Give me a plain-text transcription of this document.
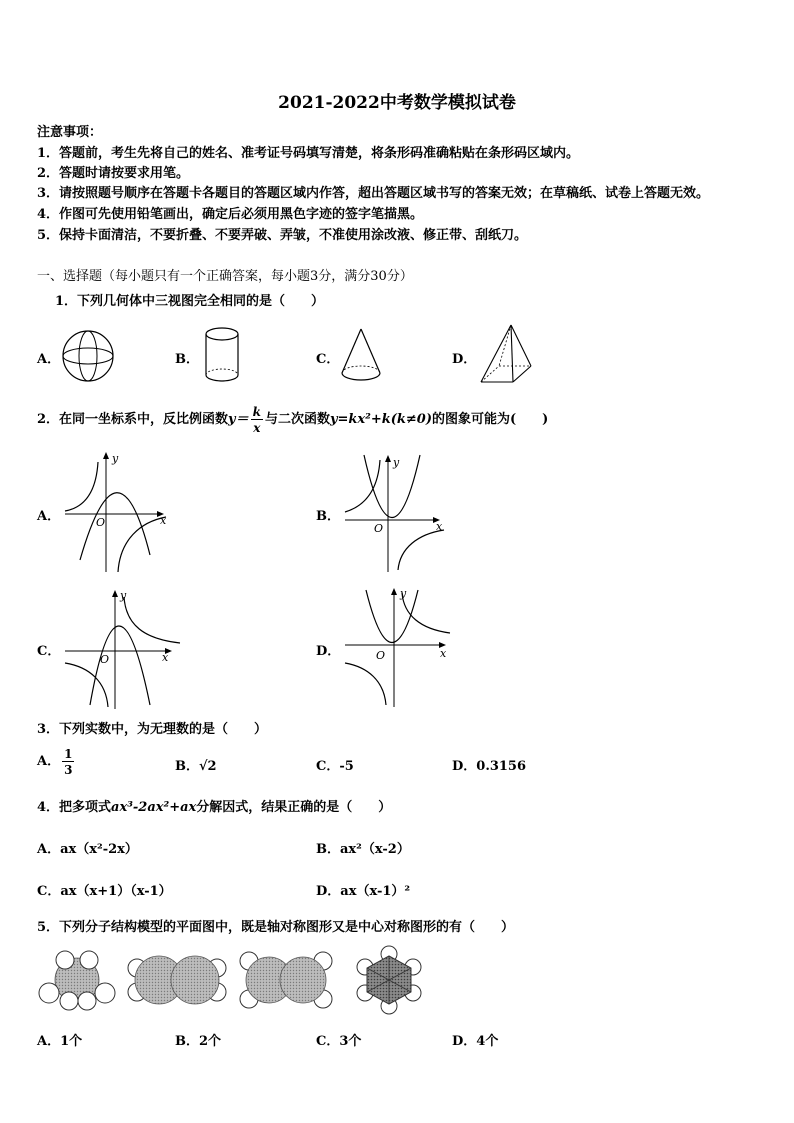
2021-2022中考数学模拟试卷
注意事项：
1．答题前，考生先将自己的姓名、准考证号码填写清楚，将条形码准确粘贴在条形码区域内。
2．答题时请按要求用笔。
3．请按照题号顺序在答题卡各题目的答题区域内作答，超出答题区域书写的答案无效；在草稿纸、试卷上答题无效。
4．作图可先使用铅笔画出，确定后必须用黑色字迹的签字笔描黑。
5．保持卡面清洁，不要折叠、不要弄破、弄皱，不准使用涂改液、修正带、刮纸刀。
一、选择题（每小题只有一个正确答案，每小题3分，满分30分）
1．下列几何体中三视图完全相同的是（　　）
A．	B．	C．	D．
2．在同一坐标系中，反比例函数$y= \frac{k}{x}$ 与二次函数y=kx²+k(k≠0)的图象可能为(　　)
A．
y
x
O	B．
y
x
O
C．
y
x
O
D．
y
x
O
3．下列实数中，为无理数的是（　　）
A． $\frac{1}{3}$	B．√2	C．-5	D．0.3156
4．把多项式ax³-2ax²+ax分解因式，结果正确的是（　　）
A．ax（x²-2x）	B．ax²（x-2）
C．ax（x+1）（x-1）	D．ax（x-1）²
5．下列分子结构模型的平面图中，既是轴对称图形又是中心对称图形的有（　　）
A．1个	B．2个	C．3个	D．4个
